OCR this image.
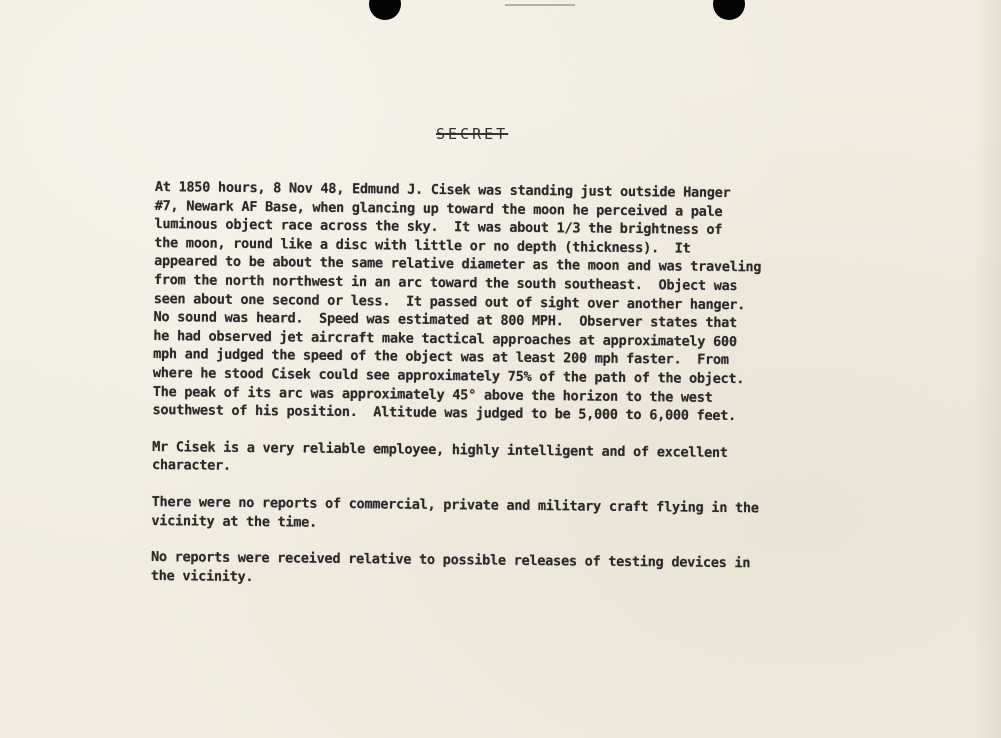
SECRET
At 1850 hours, 8 Nov 48, Edmund J. Cisek was standing just outside Hanger
#7, Newark AF Base, when glancing up toward the moon he perceived a pale
luminous object race across the sky.  It was about 1/3 the brightness of
the moon, round like a disc with little or no depth (thickness).  It
appeared to be about the same relative diameter as the moon and was traveling
from the north northwest in an arc toward the south southeast.  Object was
seen about one second or less.  It passed out of sight over another hanger.
No sound was heard.  Speed was estimated at 800 MPH.  Observer states that
he had observed jet aircraft make tactical approaches at approximately 600
mph and judged the speed of the object was at least 200 mph faster.  From
where he stood Cisek could see approximately 75% of the path of the object.
The peak of its arc was approximately 45° above the horizon to the west
southwest of his position.  Altitude was judged to be 5,000 to 6,000 feet.
Mr Cisek is a very reliable employee, highly intelligent and of excellent
character.
There were no reports of commercial, private and military craft flying in the
vicinity at the time.
No reports were received relative to possible releases of testing devices in
the vicinity.
